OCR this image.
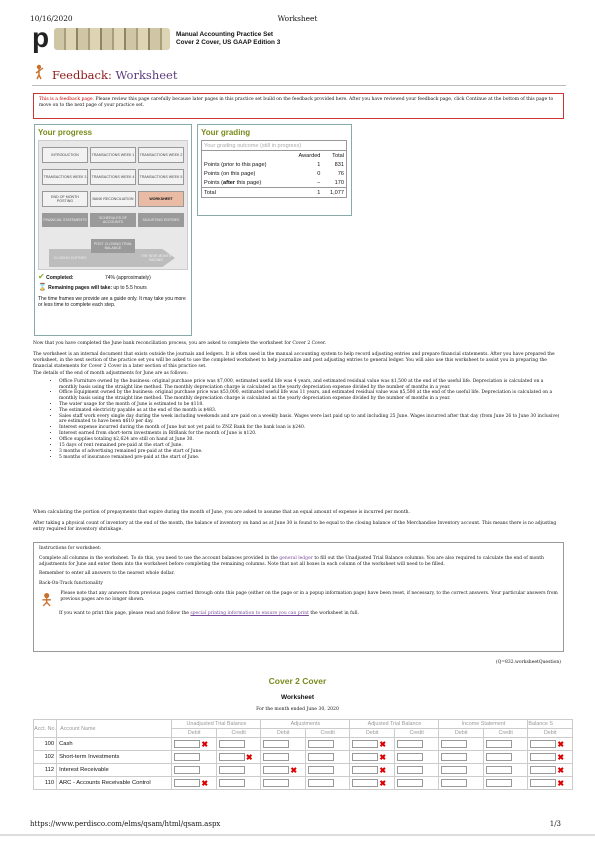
10/16/2020	Worksheet
p	Manual Accounting Practice Set
Cover 2 Cover, US GAAP Edition 3
Feedback: Worksheet
This is a feedback page. Please review this page carefully because later pages in this practice set build on the feedback provided here. After you have reviewed your feedback page, click Continue at the bottom of this page to move on to the next page of your practice set.
Your progress
INTRODUCTION	TRANSACTIONS WEEK 1	TRANSACTIONS WEEK 2
TRANSACTIONS WEEK 3	TRANSACTIONS WEEK 4	TRANSACTIONS WEEK 5
END OF MONTH POSTING	BANK RECONCILIATION	WORKSHEET
FINANCIAL STATEMENTS	SCHEDULES OF ACCOUNTS	ADJUSTING ENTRIES
CLOSING ENTRIES
POST CLOSING TRIAL BALANCE
THE NEW MONTH BEGINS
✔ Completed:	74% (approximately)
⌛ Remaining pages will take: up to 5.5 hours
The time frames we provide are a guide only. It may take you more or less time to complete each step.
Your grading
Your grading outcome (still in progress)		
	Awarded	Total
Points (prior to this page)	1	831
Points (on this page)	0	76
Points (after this page)	−	170
Total	1	1,077
Now that you have completed the June bank reconciliation process, you are asked to complete the worksheet for Cover 2 Cover.
The worksheet is an internal document that exists outside the journals and ledgers. It is often used in the manual accounting system to help record adjusting entries and prepare financial statements. After you have prepared the worksheet, in the next section of the practice set you will be asked to use the completed worksheet to help journalize and post adjusting entries to general ledger. You will also use this worksheet to assist you in preparing the financial statements for Cover 2 Cover in a later section of this practice set.
The details of the end of month adjustments for June are as follows:
• Office Furniture owned by the business: original purchase price was $7,000, estimated useful life was 4 years, and estimated residual value was $1,500 at the end of the useful life. Depreciation is calculated on a monthly basis using the straight line method. The monthly depreciation charge is calculated as the yearly depreciation expense divided by the number of months in a year.
• Office Equipment owned by the business: original purchase price was $53,000, estimated useful life was 11 years, and estimated residual value was $5,500 at the end of the useful life. Depreciation is calculated on a monthly basis using the straight line method. The monthly depreciation charge is calculated as the yearly depreciation expense divided by the number of months in a year.
• The water usage for the month of June is estimated to be $118.
• The estimated electricity payable as at the end of the month is $483.
• Sales staff work every single day during the week including weekends and are paid on a weekly basis. Wages were last paid up to and including 25 June. Wages incurred after that day (from June 26 to June 30 inclusive) are estimated to have been $610 per day.
• Interest expense incurred during the month of June but not yet paid to ZNZ Bank for the bank loan is $240.
• Interest earned from short-term investments in BitBank for the month of June is $120.
• Office supplies totaling $2,624 are still on hand at June 30.
• 15 days of rent remained pre-paid at the start of June.
• 3 months of advertising remained pre-paid at the start of June.
• 5 months of insurance remained pre-paid at the start of June.
When calculating the portion of prepayments that expire during the month of June, you are asked to assume that an equal amount of expense is incurred per month.
After taking a physical count of inventory at the end of the month, the balance of inventory on hand as at June 30 is found to be equal to the closing balance of the Merchandise Inventory account. This means there is no adjusting entry required for inventory shrinkage.

Instructions for worksheet:

Complete all columns in the worksheet. To do this, you need to use the account balances provided in the general ledger to fill out the Unadjusted Trial Balance columns. You are also required to calculate the end of month adjustments for June and enter them into the worksheet before completing the remaining columns. Note that not all boxes in each column of the worksheet will need to be filled.

Remember to enter all answers to the nearest whole dollar.

Back-On-Track functionality

Please note that any answers from previous pages carried through onto this page (either on the page or in a popup information page) have been reset, if necessary, to the correct answers. Your particular answers from previous pages are no longer shown.

If you want to print this page, please read and follow the special printing information to ensure you can print the worksheet in full.

(Q=832.worksheetQuestion)
Cover 2 Cover
Worksheet
For the month ended June 30, 2020
Acct. No.	Account Name	Unadjusted Trial Balance		Adjustments		Adjusted Trial Balance		Income Statement		Balance S
		Debit	Credit	Debit	Credit	Debit	Credit	Debit	Credit	Debit
100	Cash	✖				✖				✖
102	Short-term Investments		✖			✖				✖
112	Interest Receivable			✖		✖				✖
110	ARC - Accounts Receivable Control	✖				✖				✖
https://www.perdisco.com/elms/qsam/html/qsam.aspx	1/3
